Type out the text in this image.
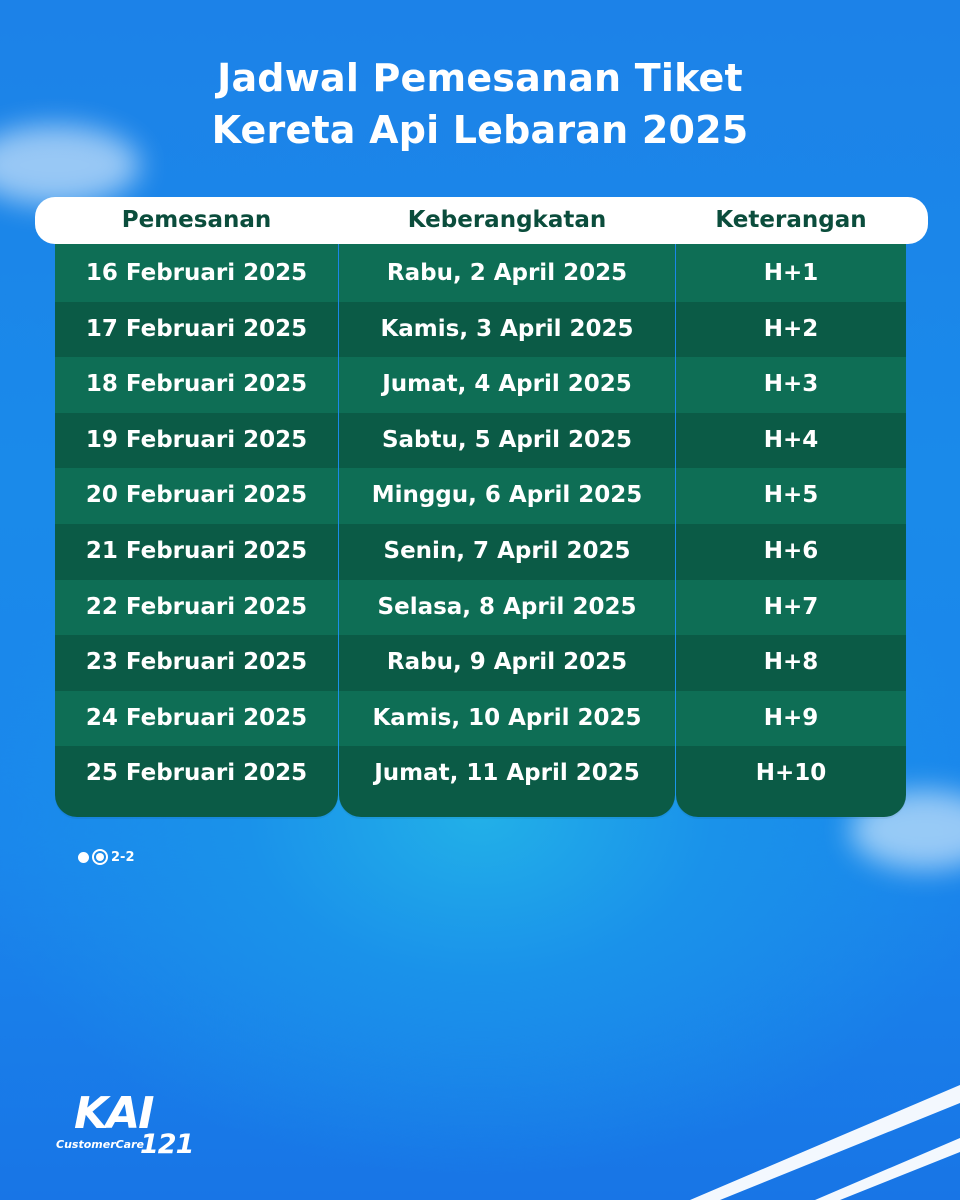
Jadwal Pemesanan Tiket
Kereta Api Lebaran 2025
Pemesanan	Keberangkatan	Keterangan
16 Februari 2025
17 Februari 2025
18 Februari 2025
19 Februari 2025
20 Februari 2025
21 Februari 2025
22 Februari 2025
23 Februari 2025
24 Februari 2025
25 Februari 2025
Rabu, 2 April 2025
Kamis, 3 April 2025
Jumat, 4 April 2025
Sabtu, 5 April 2025
Minggu, 6 April 2025
Senin, 7 April 2025
Selasa, 8 April 2025
Rabu, 9 April 2025
Kamis, 10 April 2025
Jumat, 11 April 2025
H+1
H+2
H+3
H+4
H+5
H+6
H+7
H+8
H+9
H+10
2-2
KAI
CustomerCare
121
